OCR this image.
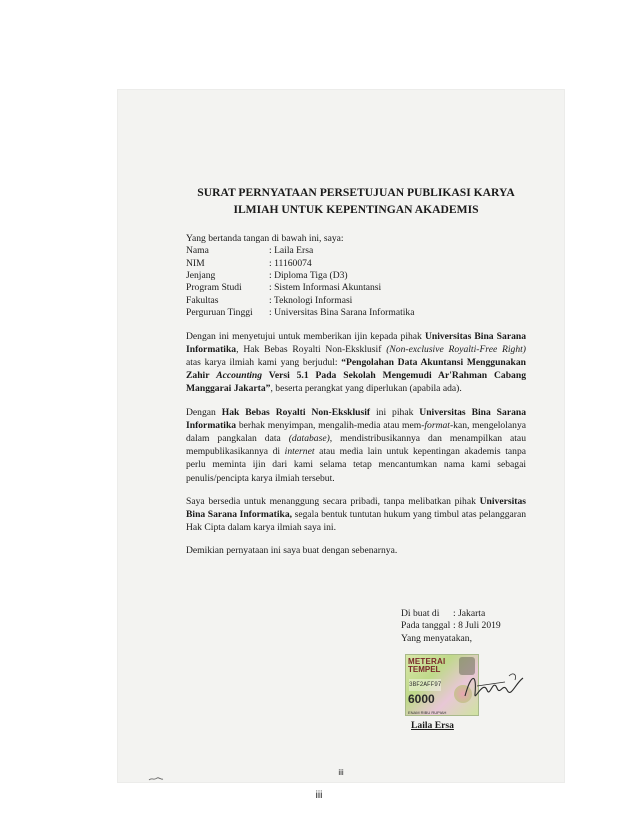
SURAT PERNYATAAN PERSETUJUAN PUBLIKASI KARYA
ILMIAH UNTUK KEPENTINGAN AKADEMIS

Yang bertanda tangan di bawah ini, saya:

Nama	: Laila Ersa
NIM	: 11160074
Jenjang	: Diploma Tiga (D3)
Program Studi	: Sistem Informasi Akuntansi
Fakultas	: Teknologi Informasi
Perguruan Tinggi	: Universitas Bina Sarana Informatika

Dengan ini menyetujui untuk memberikan ijin kepada pihak Universitas Bina Sarana Informatika, Hak Bebas Royalti Non-Eksklusif (Non-exclusive Royalti-Free Right) atas karya ilmiah kami yang berjudul: “Pengolahan Data Akuntansi Menggunakan Zahir Accounting Versi 5.1 Pada Sekolah Mengemudi Ar'Rahman Cabang Manggarai Jakarta”, beserta perangkat yang diperlukan (apabila ada).

Dengan Hak Bebas Royalti Non-Eksklusif ini pihak Universitas Bina Sarana Informatika berhak menyimpan, mengalih-media atau mem-format-kan, mengelolanya dalam pangkalan data (database), mendistribusikannya dan menampilkan atau mempublikasikannya di internet atau media lain untuk kepentingan akademis tanpa perlu meminta ijin dari kami selama tetap mencantumkan nama kami sebagai penulis/pencipta karya ilmiah tersebut.

Saya bersedia untuk menanggung secara pribadi, tanpa melibatkan pihak Universitas Bina Sarana Informatika, segala bentuk tuntutan hukum yang timbul atas pelanggaran Hak Cipta dalam karya ilmiah saya ini.

Demikian pernyataan ini saya buat dengan sebenarnya.

Di buat di	: Jakarta
Pada tanggal : 8 Juli 2019
Yang menyatakan,
METERAI
TEMPEL
3BF2AFF97
6000
ENAM RIBU RUPIAH
Laila Ersa
iii
iii
